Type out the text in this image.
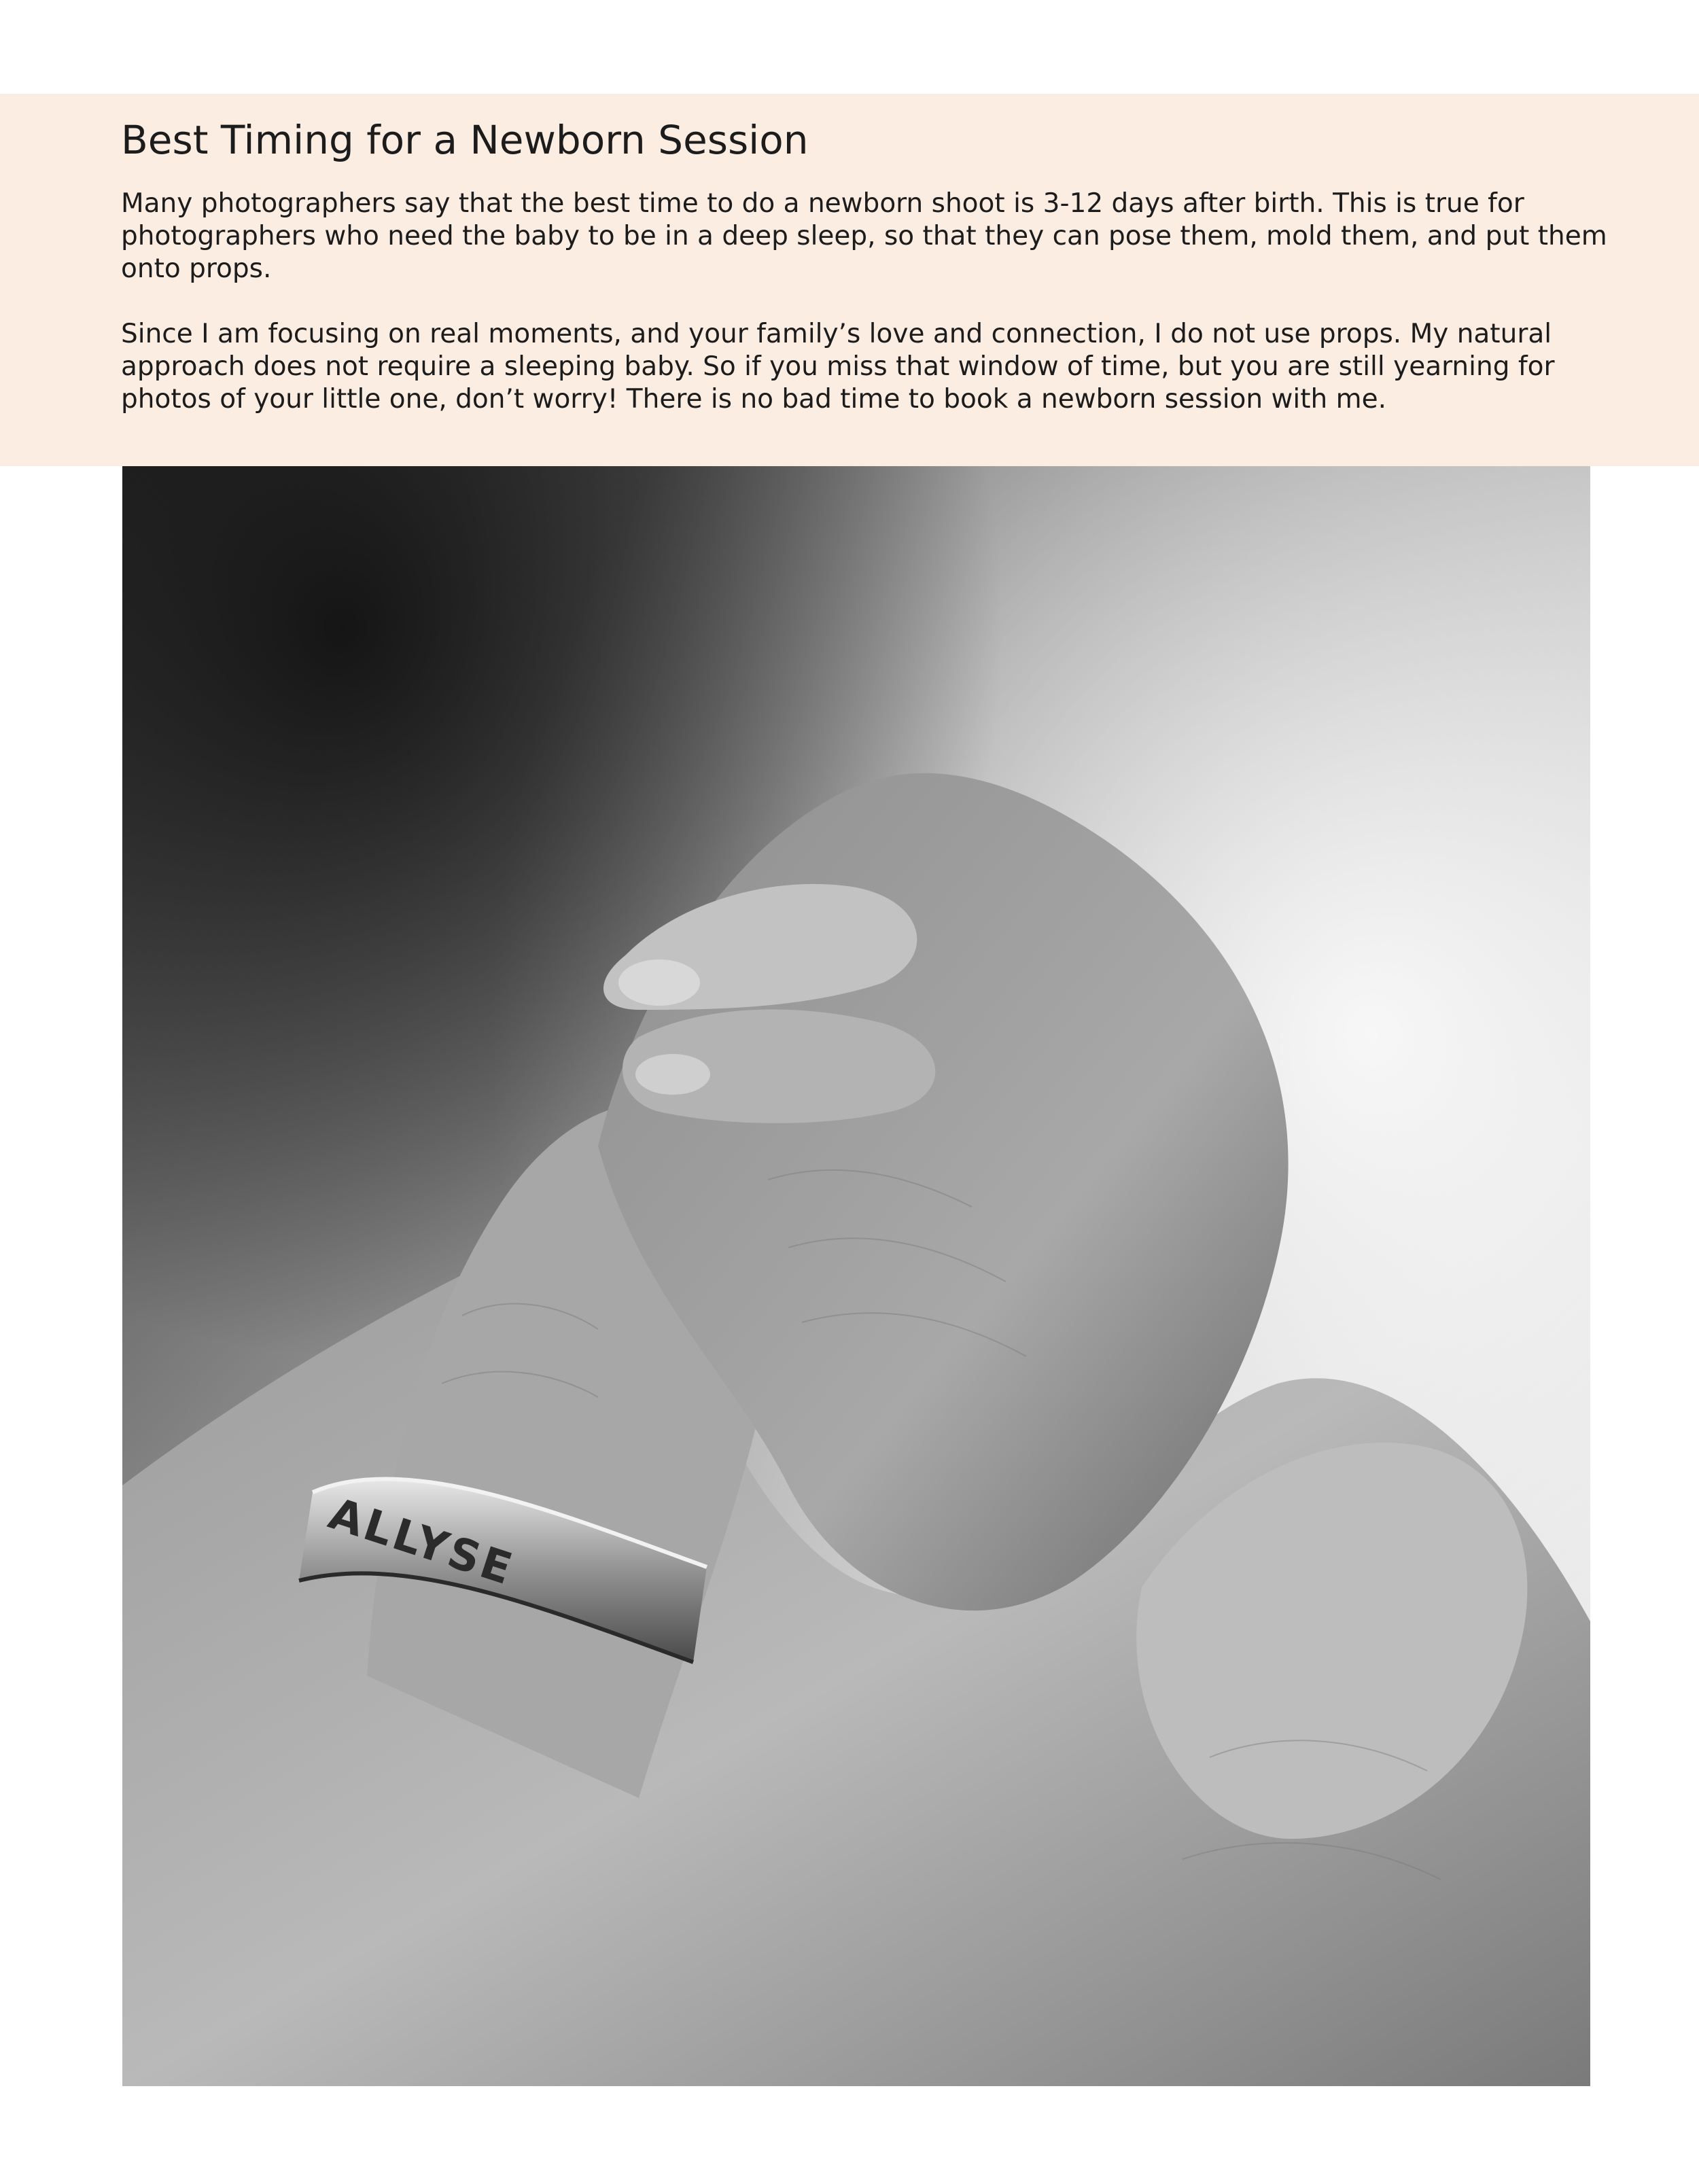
Best Timing for a Newborn Session

Many photographers say that the best time to do a newborn shoot is 3-12 days after birth. This is true for photographers who need the baby to be in a deep sleep, so that they can pose them, mold them, and put them onto props.

Since I am focusing on real moments, and your family’s love and connection, I do not use props. My natural approach does not require a sleeping baby. So if you miss that window of time, but you are still yearning for photos of your little one, don’t worry! There is no bad time to book a newborn session with me.

ALLYSE
